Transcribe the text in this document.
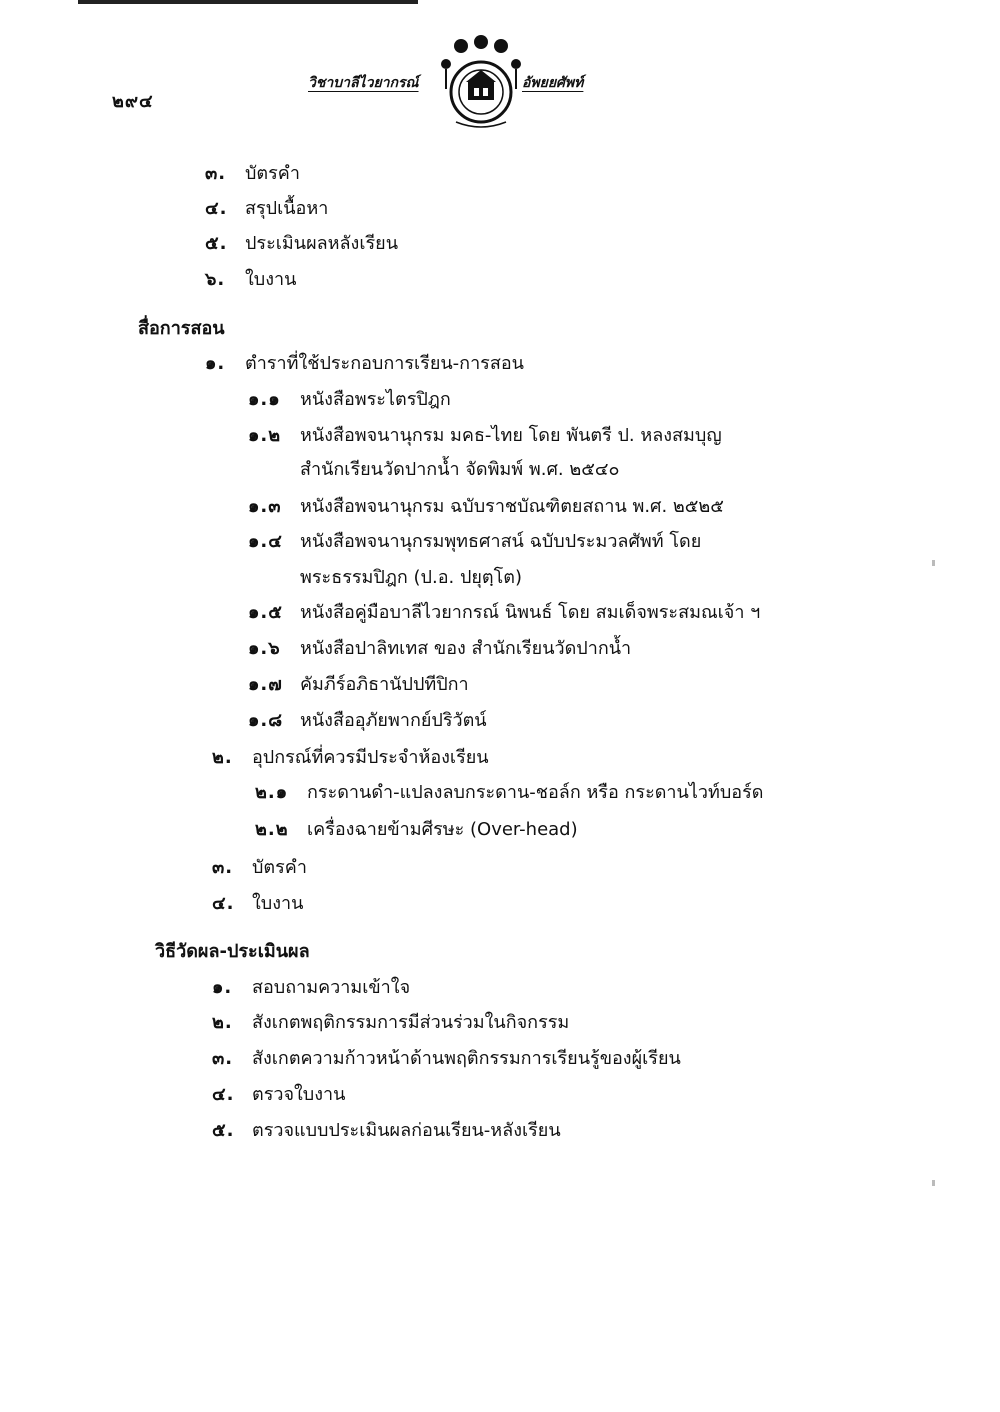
๒๙๔
วิชาบาลีไวยากรณ์	อัพยยศัพท์
๓. บัตรคำ
๔. สรุปเนื้อหา
๕. ประเมินผลหลังเรียน
๖. ใบงาน
สื่อการสอน
๑. ตำราที่ใช้ประกอบการเรียน-การสอน
๑.๑ หนังสือพระไตรปิฎก
๑.๒ หนังสือพจนานุกรม มคธ-ไทย โดย พันตรี ป. หลงสมบุญ
สำนักเรียนวัดปากน้ำ จัดพิมพ์ พ.ศ. ๒๕๔๐
๑.๓ หนังสือพจนานุกรม ฉบับราชบัณฑิตยสถาน พ.ศ. ๒๕๒๕
๑.๔ หนังสือพจนานุกรมพุทธศาสน์ ฉบับประมวลศัพท์ โดย
พระธรรมปิฎก (ป.อ. ปยุตฺโต)
๑.๕ หนังสือคู่มือบาลีไวยากรณ์ นิพนธ์ โดย สมเด็จพระสมณเจ้า ฯ
๑.๖ หนังสือปาลิทเทส ของ สำนักเรียนวัดปากน้ำ
๑.๗ คัมภีร์อภิธานัปปทีปิกา
๑.๘ หนังสืออุภัยพากย์ปริวัตน์
๒. อุปกรณ์ที่ควรมีประจำห้องเรียน
๒.๑ กระดานดำ-แปลงลบกระดาน-ชอล์ก หรือ กระดานไวท์บอร์ด
๒.๒ เครื่องฉายข้ามศีรษะ (Over-head)
๓. บัตรคำ
๔. ใบงาน
วิธีวัดผล-ประเมินผล
๑. สอบถามความเข้าใจ
๒. สังเกตพฤติกรรมการมีส่วนร่วมในกิจกรรม
๓. สังเกตความก้าวหน้าด้านพฤติกรรมการเรียนรู้ของผู้เรียน
๔. ตรวจใบงาน
๕. ตรวจแบบประเมินผลก่อนเรียน-หลังเรียน
